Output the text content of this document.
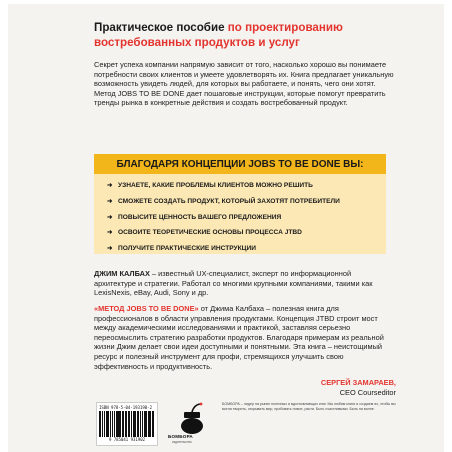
Практическое пособие по проектированию востребованных продуктов и услуг

Секрет успеха компании напрямую зависит от того, насколько хорошо вы понимаете потребности своих клиентов и умеете удовлетворять их. Книга предлагает уникальную возможность увидеть людей, для которых вы работаете, и понять, чего они хотят. Метод JOBS TO BE DONE дает пошаговые инструкции, которые помогут превратить тренды рынка в конкретные действия и создать востребованный продукт.

БЛАГОДАРЯ КОНЦЕПЦИИ JOBS TO BE DONE ВЫ:
➜ УЗНАЕТЕ, КАКИЕ ПРОБЛЕМЫ КЛИЕНТОВ МОЖНО РЕШИТЬ
➜ СМОЖЕТЕ СОЗДАТЬ ПРОДУКТ, КОТОРЫЙ ЗАХОТЯТ ПОТРЕБИТЕЛИ
➜ ПОВЫСИТЕ ЦЕННОСТЬ ВАШЕГО ПРЕДЛОЖЕНИЯ
➜ ОСВОИТЕ ТЕОРЕТИЧЕСКИЕ ОСНОВЫ ПРОЦЕССА JTBD
➜ ПОЛУЧИТЕ ПРАКТИЧЕСКИЕ ИНСТРУКЦИИ

ДЖИМ КАЛБАХ – известный UX-специалист, эксперт по информационной архитектуре и стратегии. Работал со многими крупными компаниями, такими как LexisNexis, eBay, Audi, Sony и др.

«МЕТОД JOBS TO BE DONE» от Джима Калбаха – полезная книга для профессионалов в области управления продуктами. Концепция JTBD строит мост между академическими исследованиями и практикой, заставляя серьезно переосмыслить стратегию разработки продуктов. Благодаря примерам из реальной жизни Джим делает свои идеи доступными и понятными. Эта книга – неистощимый ресурс и полезный инструмент для профи, стремящихся улучшить свою эффективность и продуктивность.

СЕРГЕЙ ЗАМАРАЕВ,
CEO Courseditor
ISBN 978-5-04-193190-2
9 785041 931902
БОМБОРА
издательство
БОМБОРА – лидер на рынке полезных и вдохновляющих книг. Мы любим книги и создаем их, чтобы вы могли творить, открывать мир, пробовать новое, расти. Быть счастливыми. Быть на волне.
